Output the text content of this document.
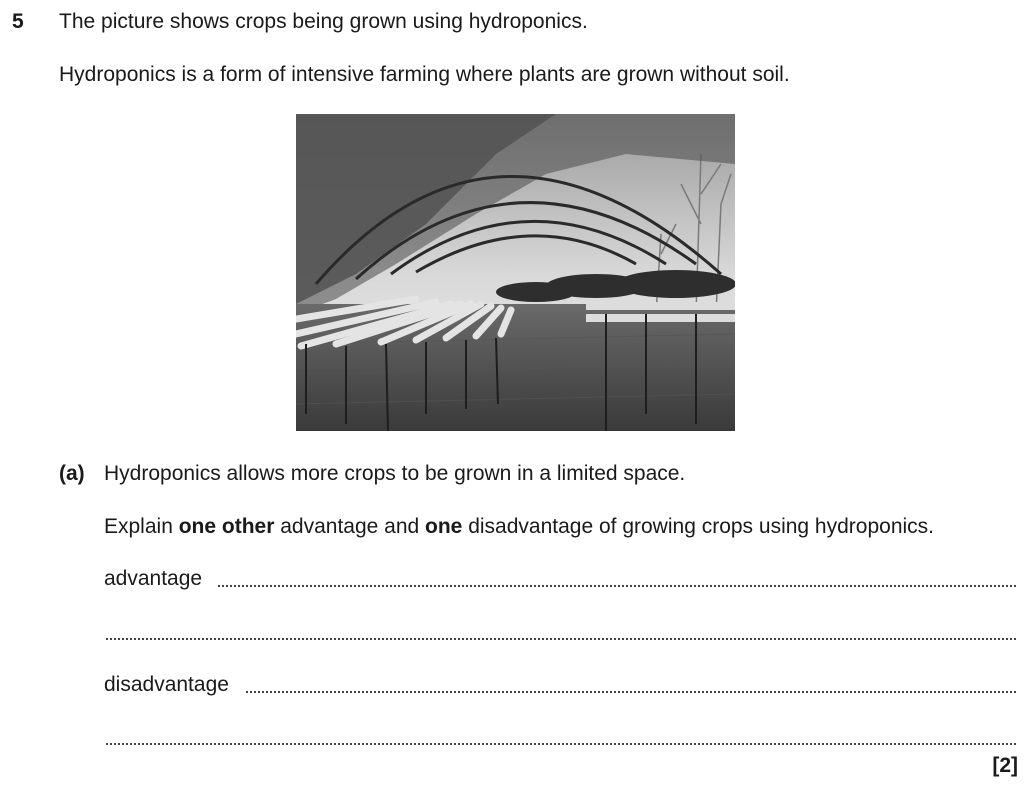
5 The picture shows crops being grown using hydroponics.
Hydroponics is a form of intensive farming where plants are grown without soil.
(a) Hydroponics allows more crops to be grown in a limited space.
Explain one other advantage and one disadvantage of growing crops using hydroponics.
advantage
disadvantage
[2]
